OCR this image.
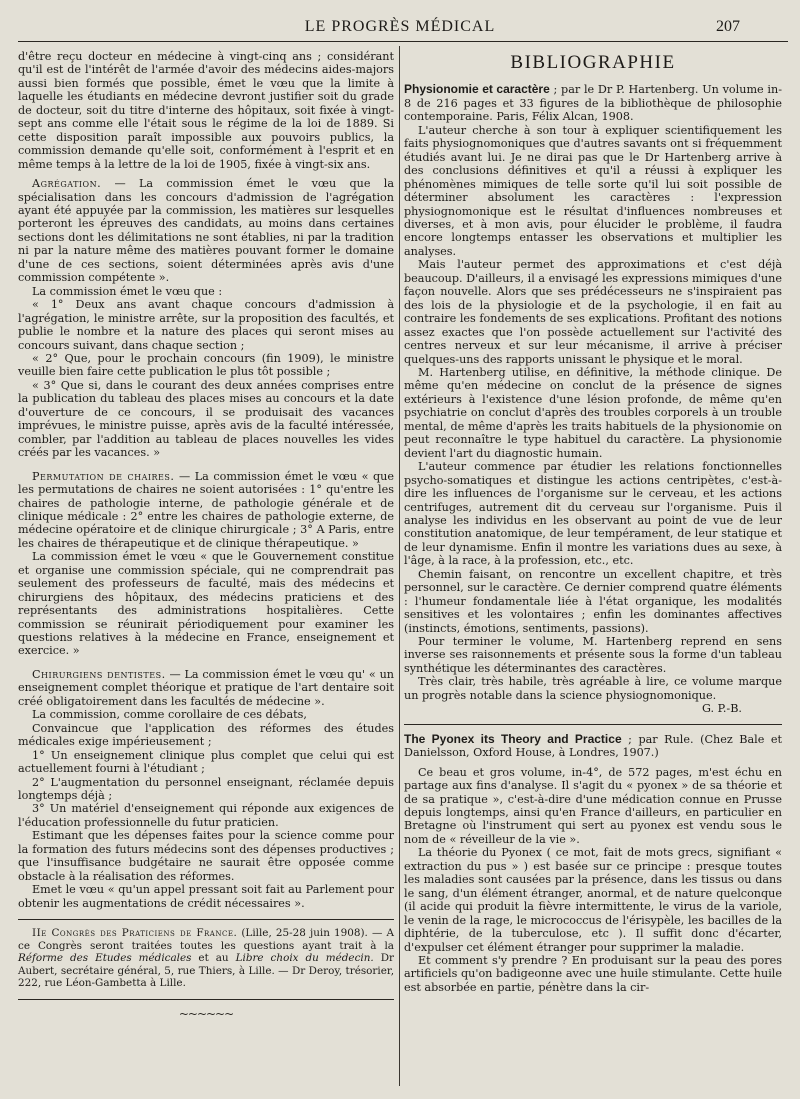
LE PROGRÈS MÉDICAL	207

d'être reçu docteur en médecine à vingt-cinq ans ; considérant qu'il est de l'intérêt de l'armée d'avoir des médecins aides-majors aussi bien formés que possible, émet le vœu que la limite à laquelle les étudiants en médecine devront justifier soit du grade de docteur, soit du titre d'interne des hôpitaux, soit fixée à vingt-sept ans comme elle l'était sous le régime de la loi de 1889. Si cette disposition paraît impossible aux pouvoirs publics, la commission demande qu'elle soit, conformément à l'esprit et en même temps à la lettre de la loi de 1905, fixée à vingt-six ans.

Agrégation. — La commission émet le vœu que la spécialisation dans les concours d'admission de l'agrégation ayant été appuyée par la commission, les matières sur lesquelles porteront les épreuves des candidats, au moins dans certaines sections dont les délimitations ne sont établies, ni par la tradition ni par la nature même des matières pouvant former le domaine d'une de ces sections, soient déterminées après avis d'une commission compétente ».

La commission émet le vœu que :

« 1° Deux ans avant chaque concours d'admission à l'agrégation, le ministre arrête, sur la proposition des facultés, et publie le nombre et la nature des places qui seront mises au concours suivant, dans chaque section ;

« 2° Que, pour le prochain concours (fin 1909), le ministre veuille bien faire cette publication le plus tôt possible ;

« 3° Que si, dans le courant des deux années comprises entre la publication du tableau des places mises au concours et la date d'ouverture de ce concours, il se produisait des vacances imprévues, le ministre puisse, après avis de la faculté intéressée, combler, par l'addition au tableau de places nouvelles les vides créés par les vacances. »

Permutation de chaires. — La commission émet le vœu « que les permutations de chaires ne soient autorisées : 1° qu'entre les chaires de pathologie interne, de pathologie générale et de clinique médicale : 2° entre les chaires de pathologie externe, de médecine opératoire et de clinique chirurgicale ; 3° A Paris, entre les chaires de thérapeutique et de clinique thérapeutique. »

La commission émet le vœu « que le Gouvernement constitue et organise une commission spéciale, qui ne comprendrait pas seulement des professeurs de faculté, mais des médecins et chirurgiens des hôpitaux, des médecins praticiens et des représentants des administrations hospitalières. Cette commission se réunirait périodiquement pour examiner les questions relatives à la médecine en France, enseignement et exercice. »

Chirurgiens dentistes. — La commission émet le vœu qu' « un enseignement complet théorique et pratique de l'art dentaire soit créé obligatoirement dans les facultés de médecine ».

La commission, comme corollaire de ces débats,

Convaincue que l'application des réformes des études médicales exige impérieusement ;

1° Un enseignement clinique plus complet que celui qui est actuellement fourni à l'étudiant ;

2° L'augmentation du personnel enseignant, réclamée depuis longtemps déjà ;

3° Un matériel d'enseignement qui réponde aux exigences de l'éducation professionnelle du futur praticien.

Estimant que les dépenses faites pour la science comme pour la formation des futurs médecins sont des dépenses productives ; que l'insuffisance budgétaire ne saurait être opposée comme obstacle à la réalisation des réformes.

Emet le vœu « qu'un appel pressant soit fait au Parlement pour obtenir les augmentations de crédit nécessaires ».

IIe Congrès des Praticiens de France. (Lille, 25-28 juin 1908). — A ce Congrès seront traitées toutes les questions ayant trait à la Réforme des Etudes médicales et au Libre choix du médecin. Dr Aubert, secrétaire général, 5, rue Thiers, à Lille. — Dr Deroy, trésorier, 222, rue Léon-Gambetta à Lille.

~~~~~~
BIBLIOGRAPHIE

Physionomie et caractère ; par le Dr P. Hartenberg. Un volume in-8 de 216 pages et 33 figures de la bibliothèque de philosophie contemporaine. Paris, Félix Alcan, 1908.

L'auteur cherche à son tour à expliquer scientifiquement les faits physiognomoniques que d'autres savants ont si fréquemment étudiés avant lui. Je ne dirai pas que le Dr Hartenberg arrive à des conclusions définitives et qu'il a réussi à expliquer les phénomènes mimiques de telle sorte qu'il lui soit possible de déterminer absolument les caractères : l'expression physiognomonique est le résultat d'influences nombreuses et diverses, et à mon avis, pour élucider le problème, il faudra encore longtemps entasser les observations et multiplier les analyses.

Mais l'auteur permet des approximations et c'est déjà beaucoup. D'ailleurs, il a envisagé les expressions mimiques d'une façon nouvelle. Alors que ses prédécesseurs ne s'inspiraient pas des lois de la physiologie et de la psychologie, il en fait au contraire les fondements de ses explications. Profitant des notions assez exactes que l'on possède actuellement sur l'activité des centres nerveux et sur leur mécanisme, il arrive à préciser quelques-uns des rapports unissant le physique et le moral.

M. Hartenberg utilise, en définitive, la méthode clinique. De même qu'en médecine on conclut de la présence de signes extérieurs à l'existence d'une lésion profonde, de même qu'en psychiatrie on conclut d'après des troubles corporels à un trouble mental, de même d'après les traits habituels de la physionomie on peut reconnaître le type habituel du caractère. La physionomie devient l'art du diagnostic humain.

L'auteur commence par étudier les relations fonctionnelles psycho-somatiques et distingue les actions centripètes, c'est-à-dire les influences de l'organisme sur le cerveau, et les actions centrifuges, autrement dit du cerveau sur l'organisme. Puis il analyse les individus en les observant au point de vue de leur constitution anatomique, de leur tempérament, de leur statique et de leur dynamisme. Enfin il montre les variations dues au sexe, à l'âge, à la race, à la profession, etc., etc.

Chemin faisant, on rencontre un excellent chapitre, et très personnel, sur le caractère. Ce dernier comprend quatre éléments : l'humeur fondamentale liée à l'état organique, les modalités sensitives et les volontaires ; enfin les dominantes affectives (instincts, émotions, sentiments, passions).

Pour terminer le volume, M. Hartenberg reprend en sens inverse ses raisonnements et présente sous la forme d'un tableau synthétique les déterminantes des caractères.

Très clair, très habile, très agréable à lire, ce volume marque un progrès notable dans la science physiognomonique.

G. P.-B.

The Pyonex its Theory and Practice ; par Rule. (Chez Bale et Danielsson, Oxford House, à Londres, 1907.)

Ce beau et gros volume, in-4°, de 572 pages, m'est échu en partage aux fins d'analyse. Il s'agit du « pyonex » de sa théorie et de sa pratique », c'est-à-dire d'une médication connue en Prusse depuis longtemps, ainsi qu'en France d'ailleurs, en particulier en Bretagne où l'instrument qui sert au pyonex est vendu sous le nom de « réveilleur de la vie ».

La théorie du Pyonex ( ce mot, fait de mots grecs, signifiant « extraction du pus » ) est basée sur ce principe : presque toutes les maladies sont causées par la présence, dans les tissus ou dans le sang, d'un élément étranger, anormal, et de nature quelconque (il acide qui produit la fièvre intermittente, le virus de la variole, le venin de la rage, le micrococcus de l'érisypèle, les bacilles de la diphtérie, de la tuberculose, etc ). Il suffit donc d'écarter, d'expulser cet élément étranger pour supprimer la maladie.

Et comment s'y prendre ? En produisant sur la peau des pores artificiels qu'on badigeonne avec une huile stimulante. Cette huile est absorbée en partie, pénètre dans la cir-
